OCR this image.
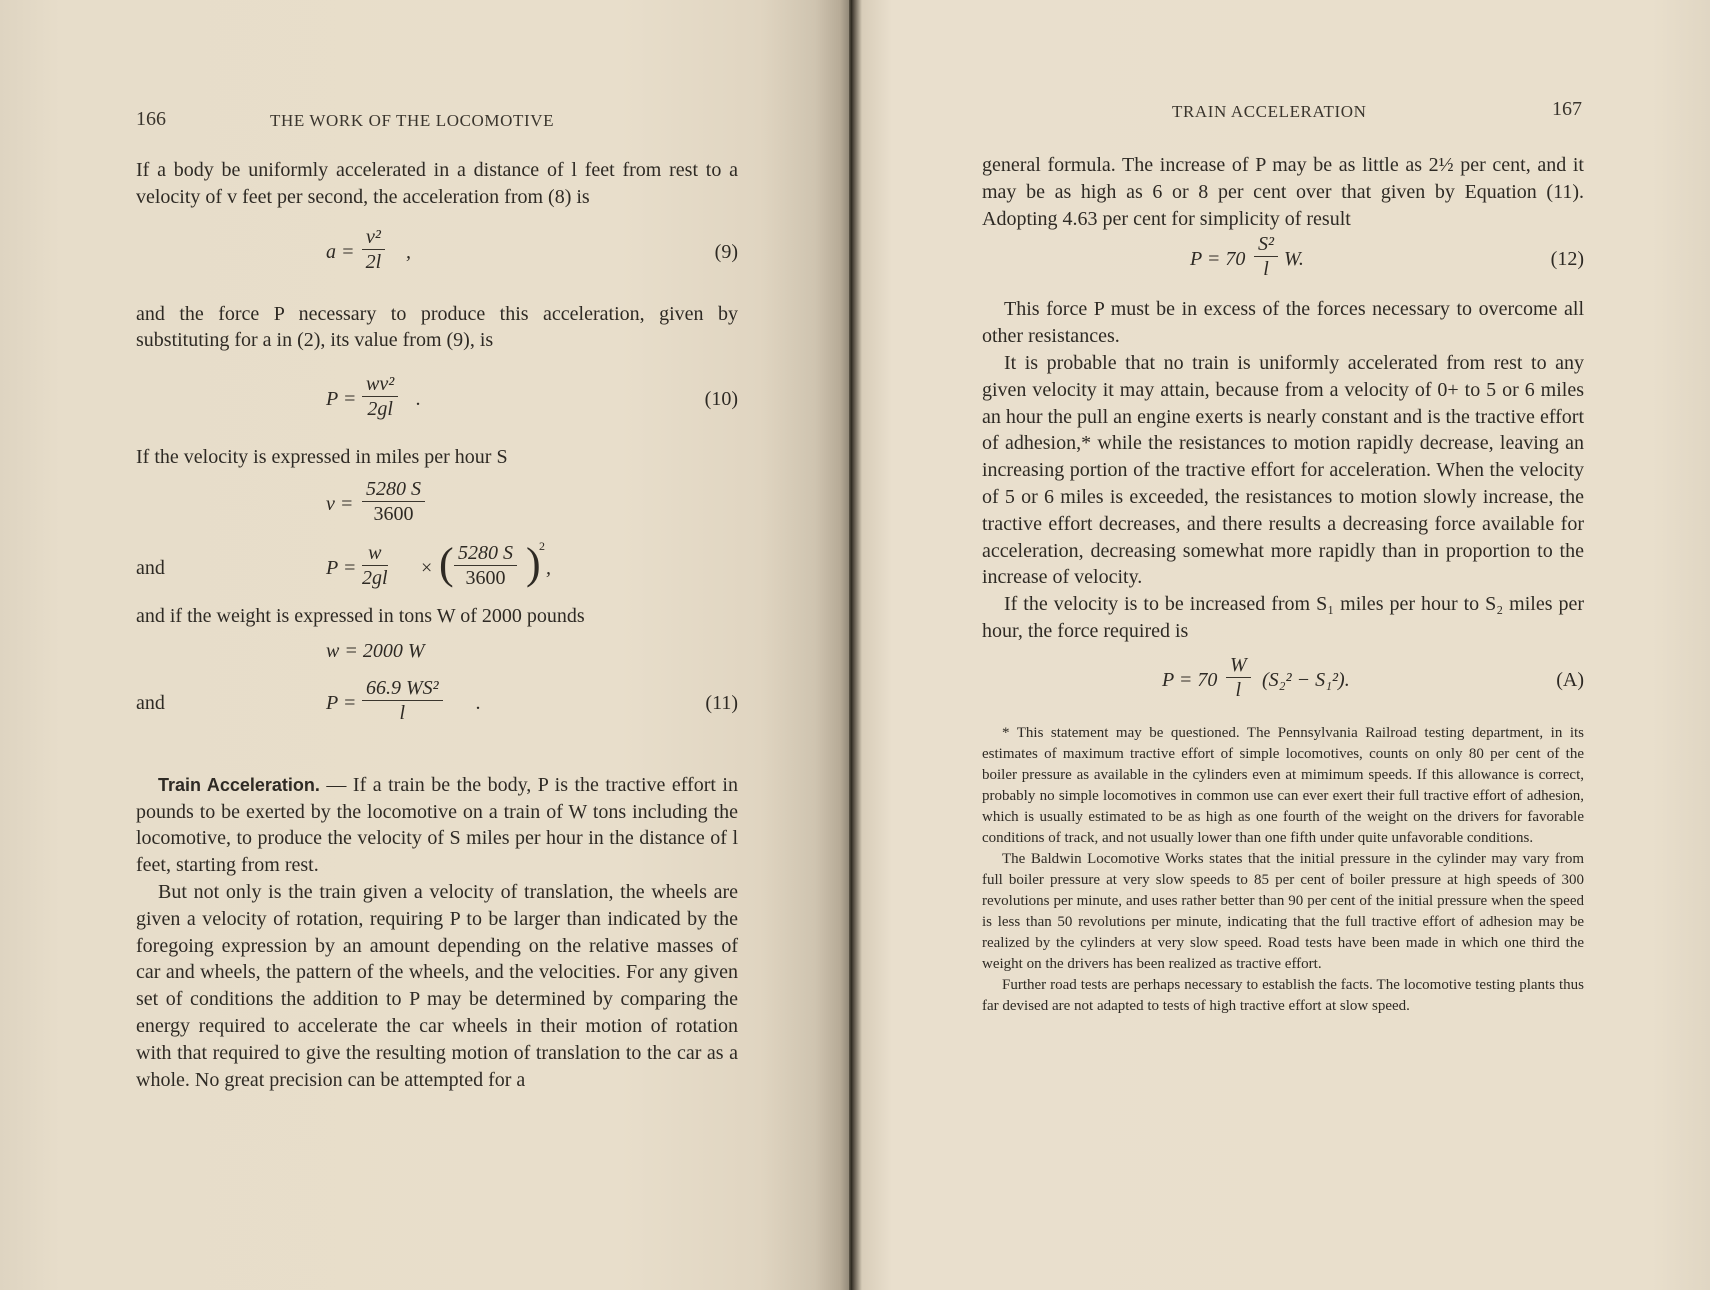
166	THE WORK OF THE LOCOMOTIVE

If a body be uniformly accelerated in a distance of l feet from rest to a velocity of v feet per second, the acceleration from (8) is

$a = \frac{\text{v²}}{2l}$ ,	(9)

and the force P necessary to produce this acceleration, given by substituting for a in (2), its value from (9), is

$P = \frac{\text{wv²}}{2gl}$ .	(10)

If the velocity is expressed in miles per hour S

$v = \frac{5280 S}{3600}$
and	$P = \frac{w}{2gl}$ × ( $\frac{5280 S}{3600}$ )
2
,

and if the weight is expressed in tons W of 2000 pounds

w = 2000 W
and	$P = \frac{\text{66.9 WS²}}{l}$ .	(11)

Train Acceleration. — If a train be the body, P is the tractive effort in pounds to be exerted by the locomotive on a train of W tons including the locomotive, to produce the velocity of S miles per hour in the distance of l feet, starting from rest.

But not only is the train given a velocity of translation, the wheels are given a velocity of rotation, requiring P to be larger than indicated by the foregoing expression by an amount depending on the relative masses of car and wheels, the pattern of the wheels, and the velocities. For any given set of conditions the addition to P may be determined by comparing the energy required to accelerate the car wheels in their motion of rotation with that required to give the resulting motion of translation to the car as a whole. No great precision can be attempted for a

TRAIN ACCELERATION	167

general formula. The increase of P may be as little as 2½ per cent, and it may be as high as 6 or 8 per cent over that given by Equation (11). Adopting 4.63 per cent for simplicity of result

$P = 70 \frac{\text{S²}}{l} W$.	(12)

This force P must be in excess of the forces necessary to overcome all other resistances.

It is probable that no train is uniformly accelerated from rest to any given velocity it may attain, because from a velocity of 0+ to 5 or 6 miles an hour the pull an engine exerts is nearly constant and is the tractive effort of adhesion,* while the resistances to motion rapidly decrease, leaving an increasing portion of the tractive effort for acceleration. When the velocity of 5 or 6 miles is exceeded, the resistances to motion slowly increase, the tractive effort decreases, and there results a decreasing force available for acceleration, decreasing somewhat more rapidly than in proportion to the increase of velocity.

If the velocity is to be increased from S₁ miles per hour to S₂ miles per hour, the force required is

$P = 70 \frac{W}{l} (S_2^2 - S_1^2)$.	(A)

* This statement may be questioned. The Pennsylvania Railroad testing department, in its estimates of maximum tractive effort of simple locomotives, counts on only 80 per cent of the boiler pressure as available in the cylinders even at mimimum speeds. If this allowance is correct, probably no simple locomotives in common use can ever exert their full tractive effort of adhesion, which is usually estimated to be as high as one fourth of the weight on the drivers for favorable conditions of track, and not usually lower than one fifth under quite unfavorable conditions.

The Baldwin Locomotive Works states that the initial pressure in the cylinder may vary from full boiler pressure at very slow speeds to 85 per cent of boiler pressure at high speeds of 300 revolutions per minute, and uses rather better than 90 per cent of the initial pressure when the speed is less than 50 revolutions per minute, indicating that the full tractive effort of adhesion may be realized by the cylinders at very slow speed. Road tests have been made in which one third the weight on the drivers has been realized as tractive effort.

Further road tests are perhaps necessary to establish the facts. The locomotive testing plants thus far devised are not adapted to tests of high tractive effort at slow speed.
